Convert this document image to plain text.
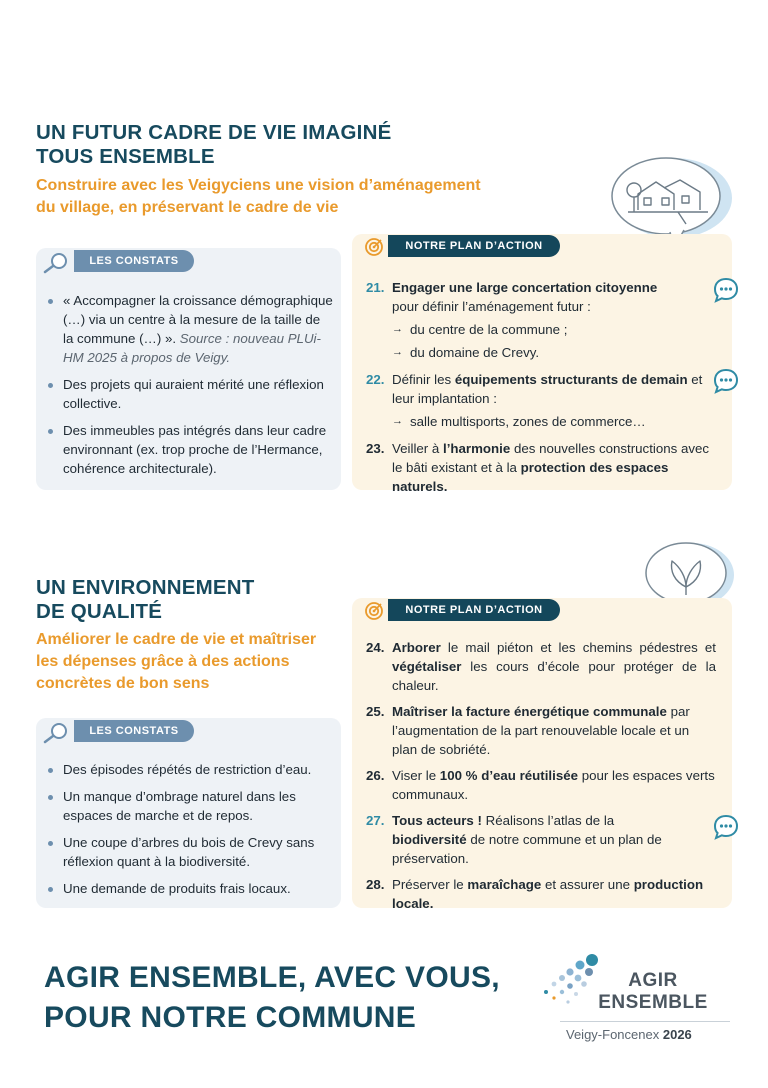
UN FUTUR CADRE DE VIE IMAGINÉ
TOUS ENSEMBLE
Construire avec les Veigyciens une vision d’aménagement
du village, en préservant le cadre de vie
LES CONSTATS
« Accompagner la croissance démographique (…) via un centre à la mesure de la taille de la commune (…) ». Source : nouveau PLUi-HM 2025 à propos de Veigy.
Des projets qui auraient mérité une réflexion collective.
Des immeubles pas intégrés dans leur cadre environnant (ex. trop proche de l’Hermance, cohérence architecturale).
NOTRE PLAN D’ACTION
21. Engager une large concertation citoyenne
pour définir l’aménagement futur :
→ du centre de la commune ;
→ du domaine de Crevy.
22. Définir les équipements structurants de demain et leur implantation :
→ salle multisports, zones de commerce…
23. Veiller à l’harmonie des nouvelles constructions avec le bâti existant et à la protection des espaces naturels.
UN ENVIRONNEMENT
DE QUALITÉ
Améliorer le cadre de vie et maîtriser
les dépenses grâce à des actions
concrètes de bon sens
LES CONSTATS
Des épisodes répétés de restriction d’eau.
Un manque d’ombrage naturel dans les espaces de marche et de repos.
Une coupe d’arbres du bois de Crevy sans réflexion quant à la biodiversité.
Une demande de produits frais locaux.
NOTRE PLAN D’ACTION
24. Arborer le mail piéton et les chemins pédestres et végétaliser les cours d’école pour protéger de la chaleur.
25. Maîtriser la facture énergétique communale par l’augmentation de la part renouvelable locale et un plan de sobriété.
26. Viser le 100 % d’eau réutilisée pour les espaces verts communaux.
27. Tous acteurs ! Réalisons l’atlas de la biodiversité de notre commune et un plan de préservation.
28. Préserver le maraîchage et assurer une production locale.
AGIR ENSEMBLE, AVEC VOUS,
POUR NOTRE COMMUNE
AGIR
ENSEMBLE
Veigy-Foncenex 2026
